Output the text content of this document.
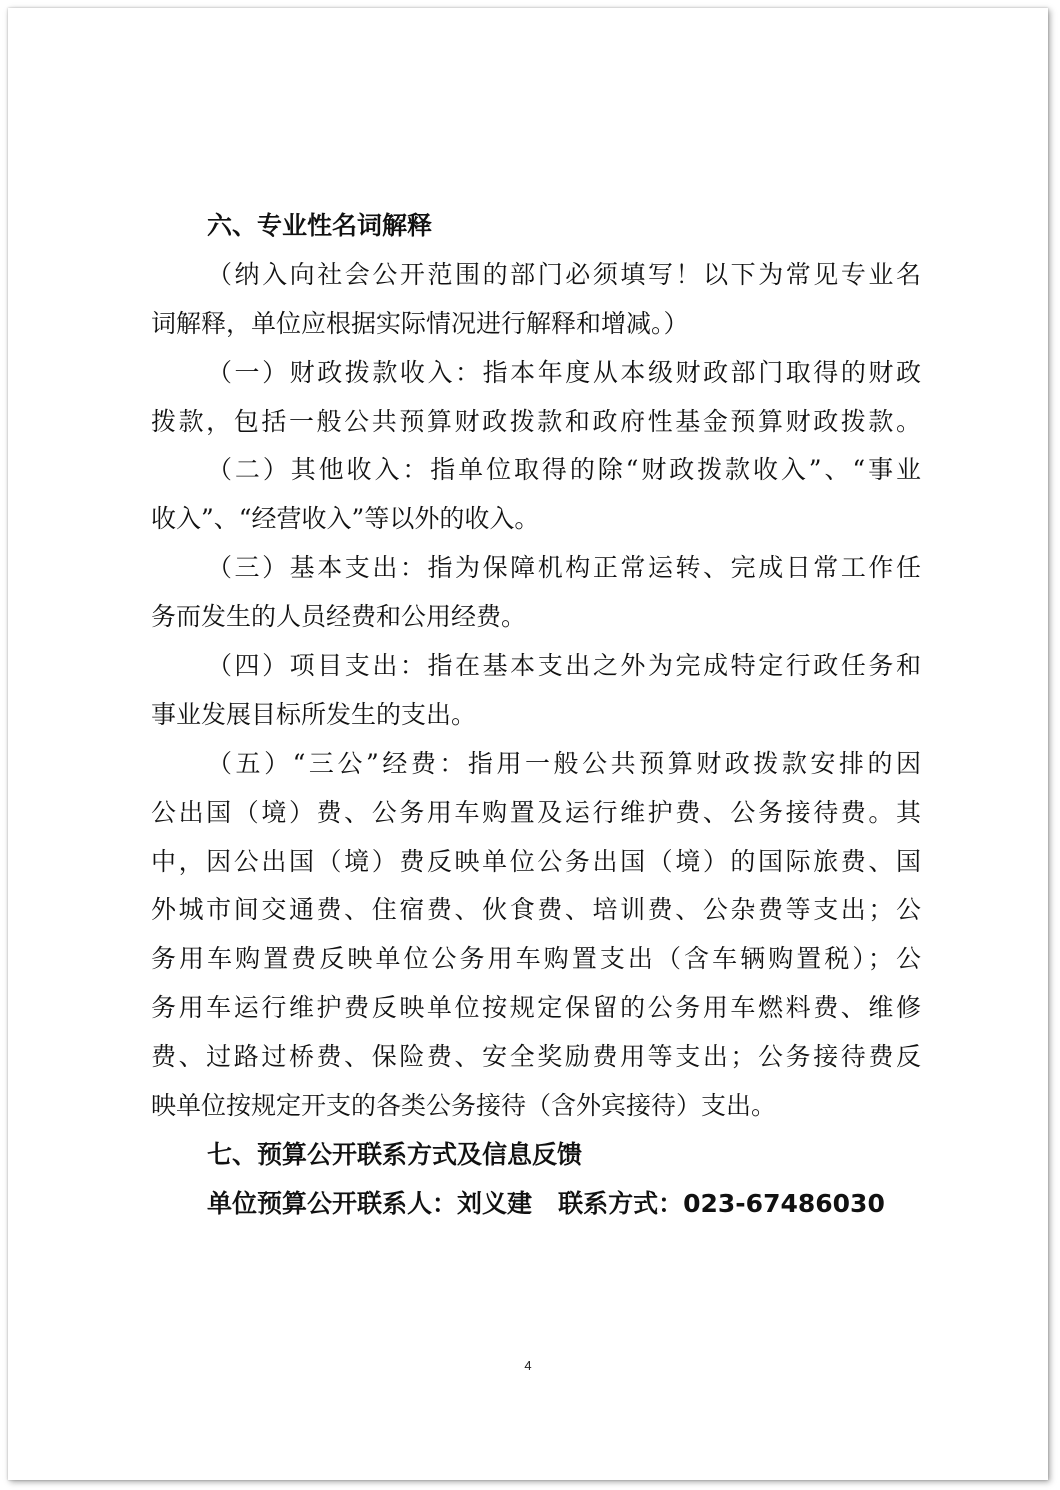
六、专业性名词解释
（纳入向社会公开范围的部门必须填写！以下为常见专业名
词解释，单位应根据实际情况进行解释和增减。）
（一）财政拨款收入：指本年度从本级财政部门取得的财政
拨款，包括一般公共预算财政拨款和政府性基金预算财政拨款。
（二）其他收入：指单位取得的除“财政拨款收入”、“事业
收入”、“经营收入”等以外的收入。
（三）基本支出：指为保障机构正常运转、完成日常工作任
务而发生的人员经费和公用经费。
（四）项目支出：指在基本支出之外为完成特定行政任务和
事业发展目标所发生的支出。
（五）“三公”经费：指用一般公共预算财政拨款安排的因
公出国（境）费、公务用车购置及运行维护费、公务接待费。其
中，因公出国（境）费反映单位公务出国（境）的国际旅费、国
外城市间交通费、住宿费、伙食费、培训费、公杂费等支出；公
务用车购置费反映单位公务用车购置支出（含车辆购置税）；公
务用车运行维护费反映单位按规定保留的公务用车燃料费、维修
费、过路过桥费、保险费、安全奖励费用等支出；公务接待费反
映单位按规定开支的各类公务接待（含外宾接待）支出。
七、预算公开联系方式及信息反馈
单位预算公开联系人：刘义建   联系方式：023-67486030
4
